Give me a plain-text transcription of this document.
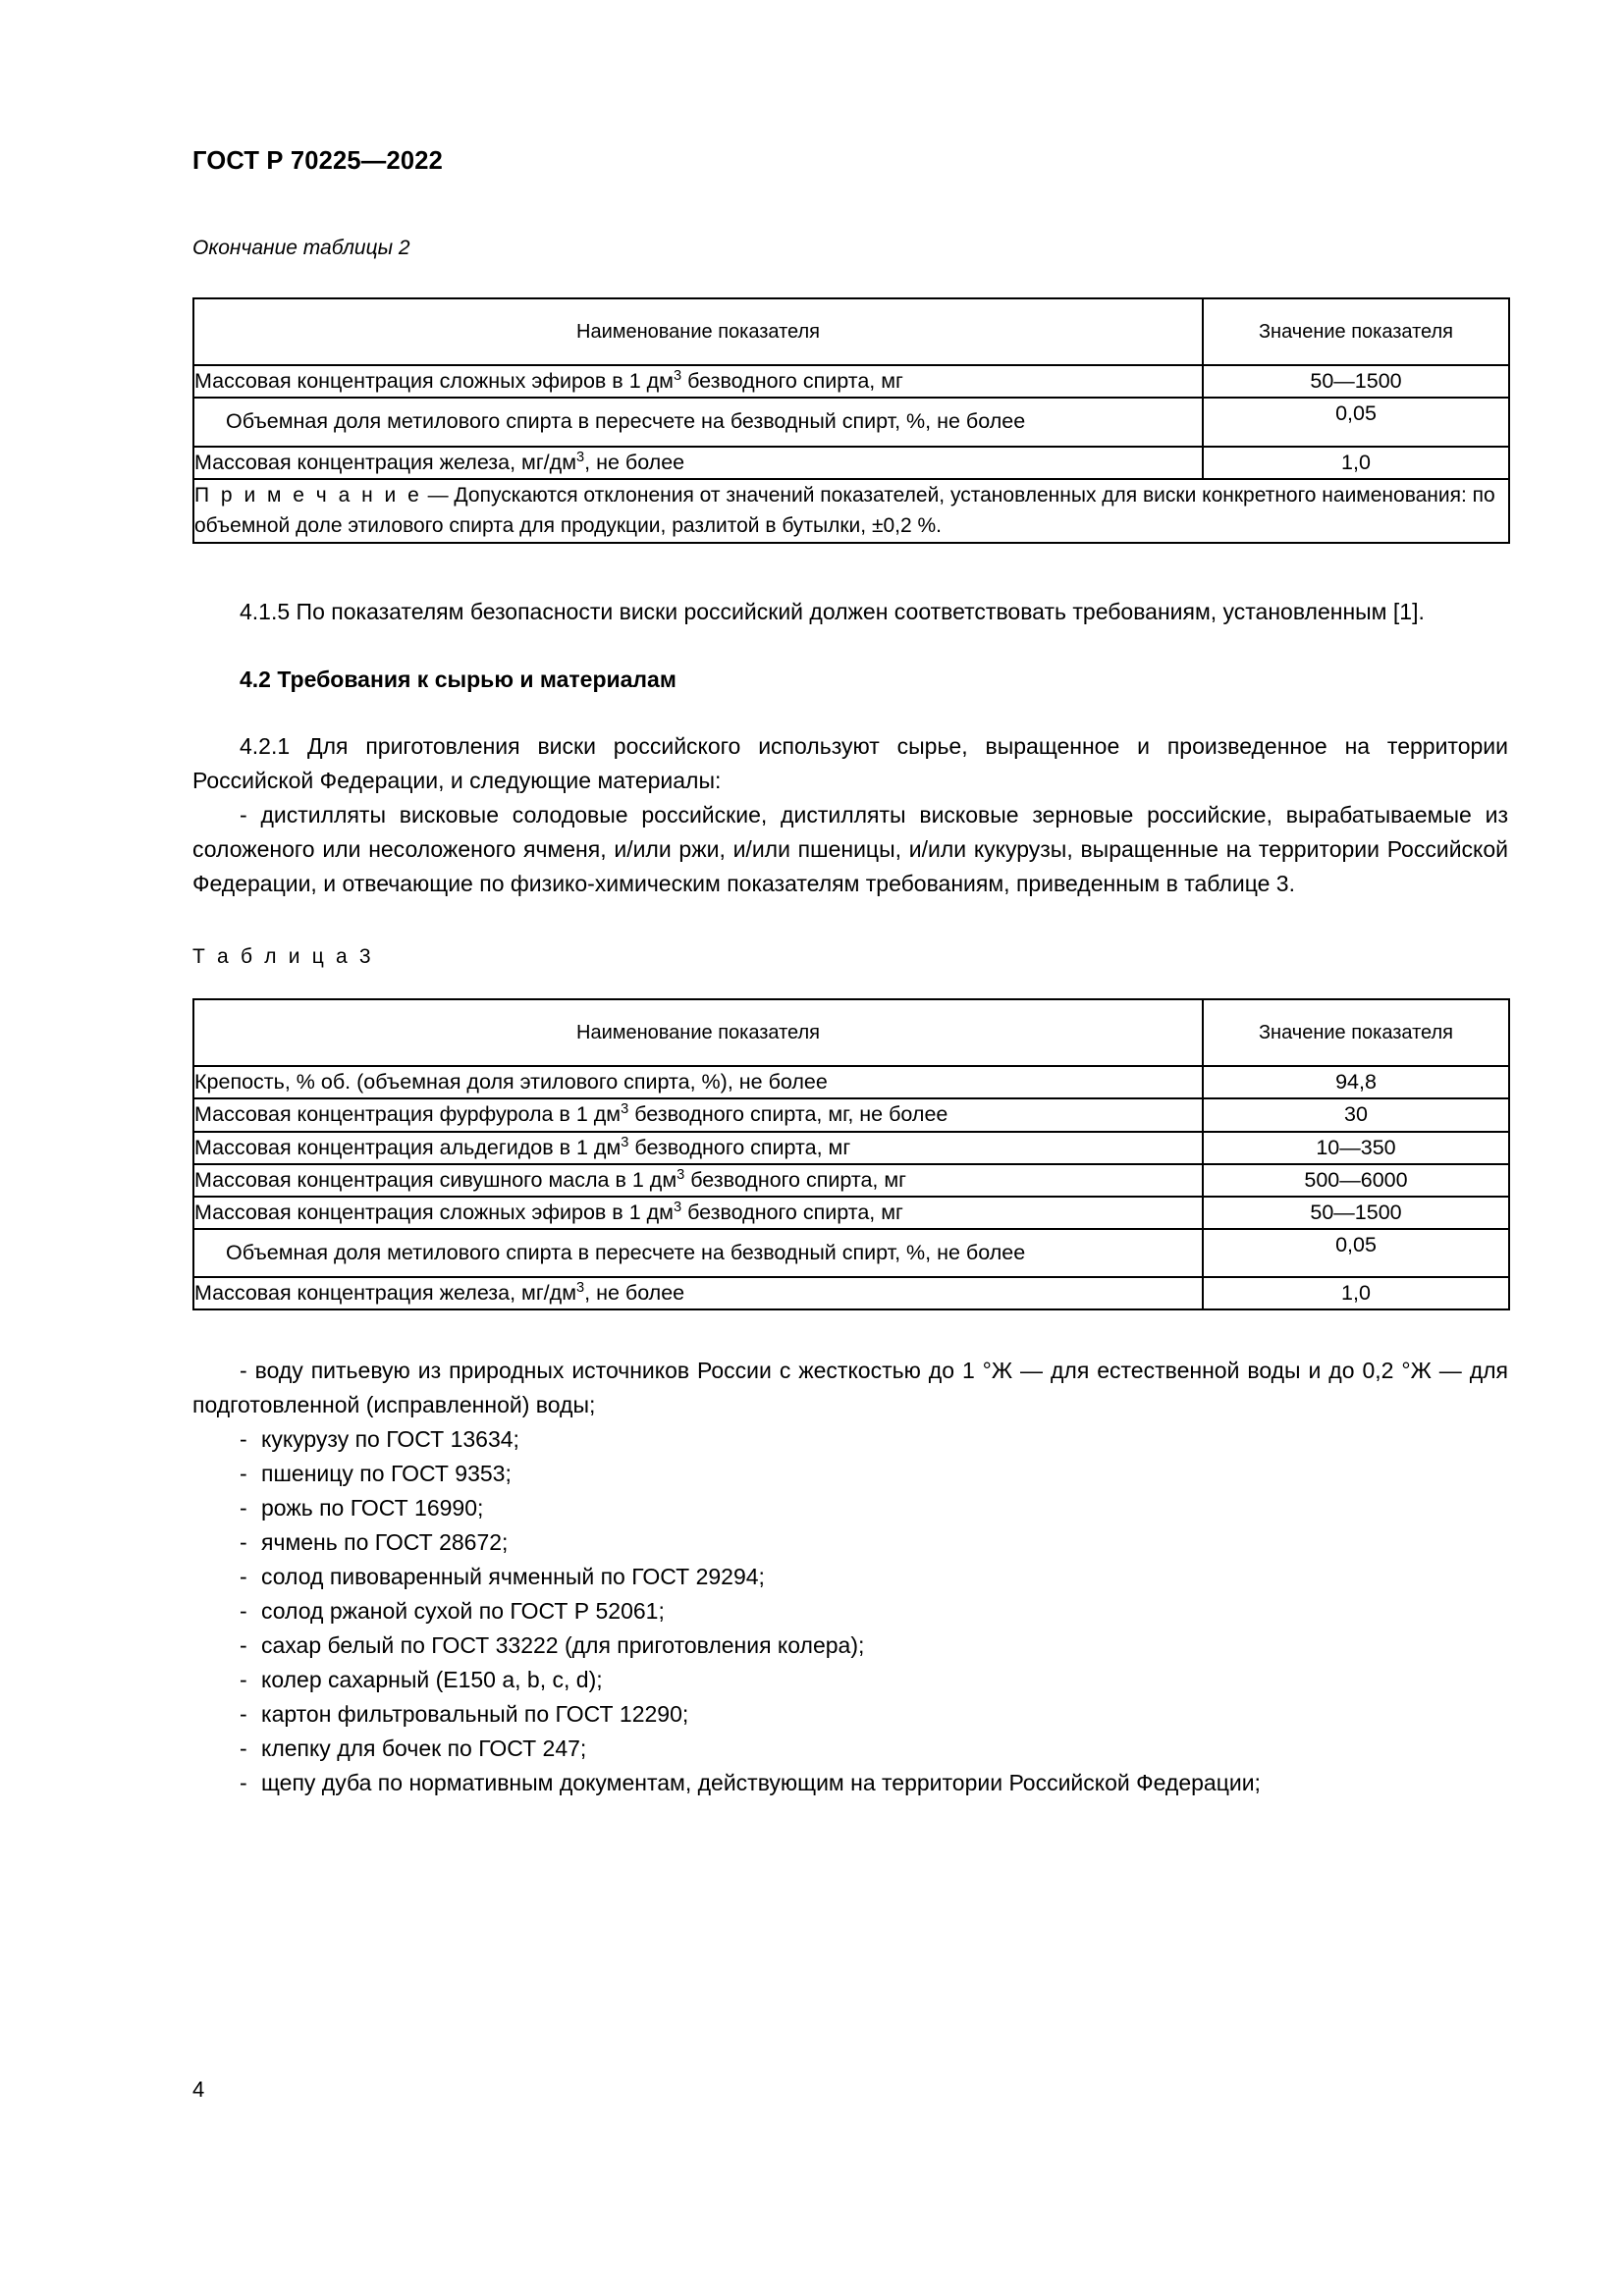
ГОСТ Р 70225—2022
Окончание таблицы 2
Наименование показателя	Значение показателя
Массовая концентрация сложных эфиров в 1 $дм^3$ безводного спирта, мг	50—1500
Объемная доля метилового спирта в пересчете на безводный спирт, %, не более	0,05
Массовая концентрация железа, $мг/дм^3$, не более	1,0
П р и м е ч а н и е — Допускаются отклонения от значений показателей, установленных для виски конкретного наименования: по объемной доле этилового спирта для продукции, разлитой в бутылки, ±0,2 %.	

4.1.5 По показателям безопасности виски российский должен соответствовать требованиям, установленным [1].

4.2 Требования к сырью и материалам

4.2.1 Для приготовления виски российского используют сырье, выращенное и произведенное на территории Российской Федерации, и следующие материалы:

- дистилляты висковые солодовые российские, дистилляты висковые зерновые российские, вырабатываемые из соложеного или несоложеного ячменя, и/или ржи, и/или пшеницы, и/или кукурузы, выращенные на территории Российской Федерации, и отвечающие по физико-химическим показателям требованиям, приведенным в таблице 3.

Т а б л и ц а 3
Наименование показателя	Значение показателя
Крепость, % об. (объемная доля этилового спирта, %), не более	94,8
Массовая концентрация фурфурола в 1 $дм^3$ безводного спирта, мг, не более	30
Массовая концентрация альдегидов в 1 $дм^3$ безводного спирта, мг	10—350
Массовая концентрация сивушного масла в 1 $дм^3$ безводного спирта, мг	500—6000
Массовая концентрация сложных эфиров в 1 $дм^3$ безводного спирта, мг	50—1500
Объемная доля метилового спирта в пересчете на безводный спирт, %, не более	0,05
Массовая концентрация железа, $мг/дм^3$, не более	1,0
- воду питьевую из природных источников России с жесткостью до 1 °Ж — для естественной воды и до 0,2 °Ж — для подготовленной (исправленной) воды;
- кукурузу по ГОСТ 13634;
- пшеницу по ГОСТ 9353;
- рожь по ГОСТ 16990;
- ячмень по ГОСТ 28672;
- солод пивоваренный ячменный по ГОСТ 29294;
- солод ржаной сухой по ГОСТ Р 52061;
- сахар белый по ГОСТ 33222 (для приготовления колера);
- колер сахарный (Е150 a, b, c, d);
- картон фильтровальный по ГОСТ 12290;
- клепку для бочек по ГОСТ 247;
- щепу дуба по нормативным документам, действующим на территории Российской Федерации;
4
